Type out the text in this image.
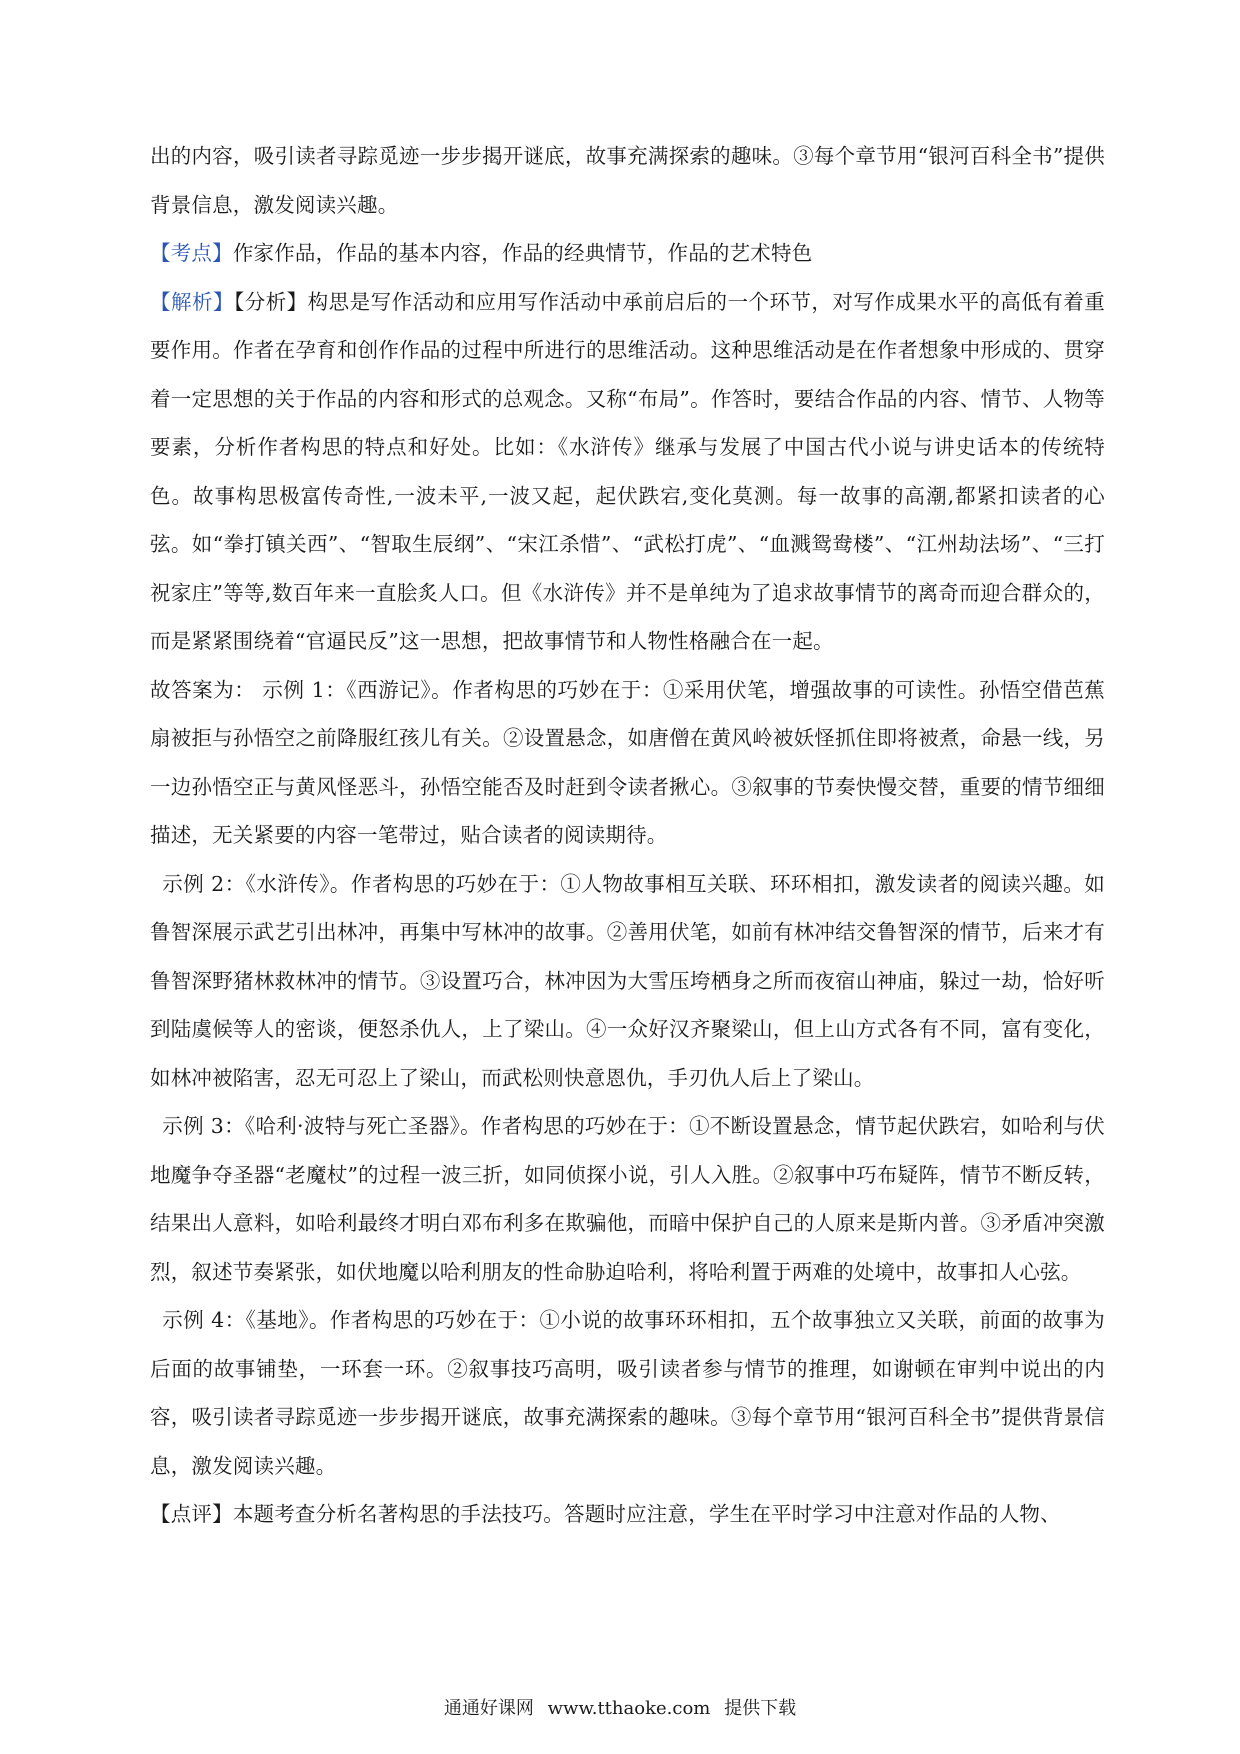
出的内容，吸引读者寻踪觅迹一步步揭开谜底，故事充满探索的趣味。③每个章节用“银河百科全书”提供背景信息，激发阅读兴趣。

【考点】作家作品，作品的基本内容，作品的经典情节，作品的艺术特色

【解析】【分析】构思是写作活动和应用写作活动中承前启后的一个环节，对写作成果水平的高低有着重要作用。作者在孕育和创作作品的过程中所进行的思维活动。这种思维活动是在作者想象中形成的、贯穿着一定思想的关于作品的内容和形式的总观念。又称“布局”。作答时，要结合作品的内容、情节、人物等要素，分析作者构思的特点和好处。比如：《水浒传》继承与发展了中国古代小说与讲史话本的传统特色。故事构思极富传奇性,一波未平,一波又起，起伏跌宕,变化莫测。每一故事的高潮,都紧扣读者的心弦。如“拳打镇关西”、“智取生辰纲”、“宋江杀惜”、“武松打虎”、“血溅鸳鸯楼”、“江州劫法场”、“三打祝家庄”等等,数百年来一直脍炙人口。但《水浒传》并不是单纯为了追求故事情节的离奇而迎合群众的，而是紧紧围绕着“官逼民反”这一思想，把故事情节和人物性格融合在一起。

故答案为： 示例 1：《西游记》。作者构思的巧妙在于：①采用伏笔，增强故事的可读性。孙悟空借芭蕉扇被拒与孙悟空之前降服红孩儿有关。②设置悬念，如唐僧在黄风岭被妖怪抓住即将被煮，命悬一线，另一边孙悟空正与黄风怪恶斗，孙悟空能否及时赶到令读者揪心。③叙事的节奏快慢交替，重要的情节细细描述，无关紧要的内容一笔带过，贴合读者的阅读期待。

示例 2：《水浒传》。作者构思的巧妙在于：①人物故事相互关联、环环相扣，激发读者的阅读兴趣。如鲁智深展示武艺引出林冲，再集中写林冲的故事。②善用伏笔，如前有林冲结交鲁智深的情节，后来才有鲁智深野猪林救林冲的情节。③设置巧合，林冲因为大雪压垮栖身之所而夜宿山神庙，躲过一劫，恰好听到陆虞候等人的密谈，便怒杀仇人，上了梁山。④一众好汉齐聚梁山，但上山方式各有不同，富有变化，如林冲被陷害，忍无可忍上了梁山，而武松则快意恩仇，手刃仇人后上了梁山。

示例 3：《哈利·波特与死亡圣器》。作者构思的巧妙在于：①不断设置悬念，情节起伏跌宕，如哈利与伏地魔争夺圣器“老魔杖”的过程一波三折，如同侦探小说，引人入胜。②叙事中巧布疑阵，情节不断反转，结果出人意料，如哈利最终才明白邓布利多在欺骗他，而暗中保护自己的人原来是斯内普。③矛盾冲突激烈，叙述节奏紧张，如伏地魔以哈利朋友的性命胁迫哈利，将哈利置于两难的处境中，故事扣人心弦。

示例 4：《基地》。作者构思的巧妙在于：①小说的故事环环相扣，五个故事独立又关联，前面的故事为后面的故事铺垫，一环套一环。②叙事技巧高明，吸引读者参与情节的推理，如谢顿在审判中说出的内容，吸引读者寻踪觅迹一步步揭开谜底，故事充满探索的趣味。③每个章节用“银河百科全书”提供背景信息，激发阅读兴趣。

【点评】本题考查分析名著构思的手法技巧。答题时应注意，学生在平时学习中注意对作品的人物、

通通好课网 www.tthaoke.com 提供下载
